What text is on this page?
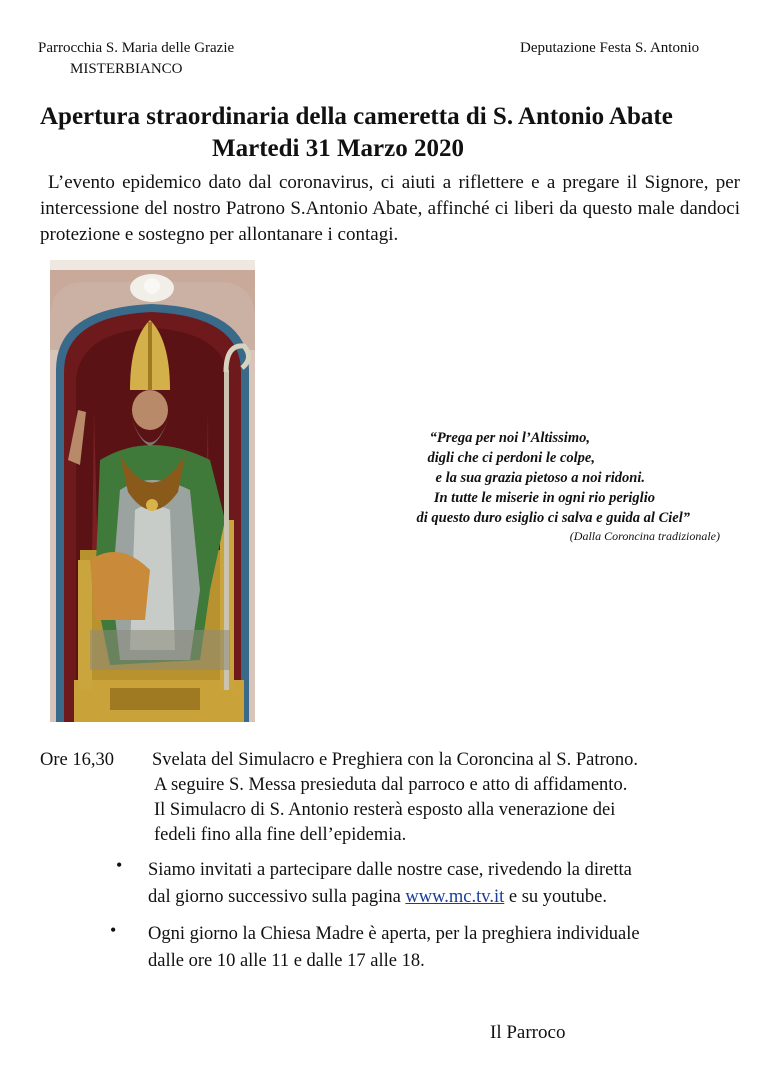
Parrocchia S. Maria delle Grazie
MISTERBIANCO
Deputazione Festa S. Antonio
Apertura straordinaria della cameretta di S. Antonio Abate
Martedi 31 Marzo 2020

L’evento epidemico dato dal coronavirus, ci aiuti a riflettere e a pregare il Signore, per intercessione del nostro Patrono S.Antonio Abate, affinché ci liberi da questo male dandoci protezione e sostegno per allontanare i contagi.

“Prega per noi l’Altissimo,
digli che ci perdoni le colpe,
e la sua grazia pietoso a noi ridoni.
In tutte le miserie in ogni rio periglio
di questo duro esiglio ci salva e guida al Ciel”
(Dalla Coroncina tradizionale)
Ore 16,30 Svelata del Simulacro e Preghiera con la Coroncina al S. Patrono.
A seguire S. Messa presieduta dal parroco e atto di affidamento.
Il Simulacro di S. Antonio resterà esposto alla venerazione dei
fedeli fino alla fine dell’epidemia.
• Siamo invitati a partecipare dalle nostre case, rivedendo la diretta
dal giorno successivo sulla pagina www.mc.tv.it e su youtube.
• Ogni giorno la Chiesa Madre è aperta, per la preghiera individuale
dalle ore 10 alle 11 e dalle 17 alle 18.
Il Parroco
